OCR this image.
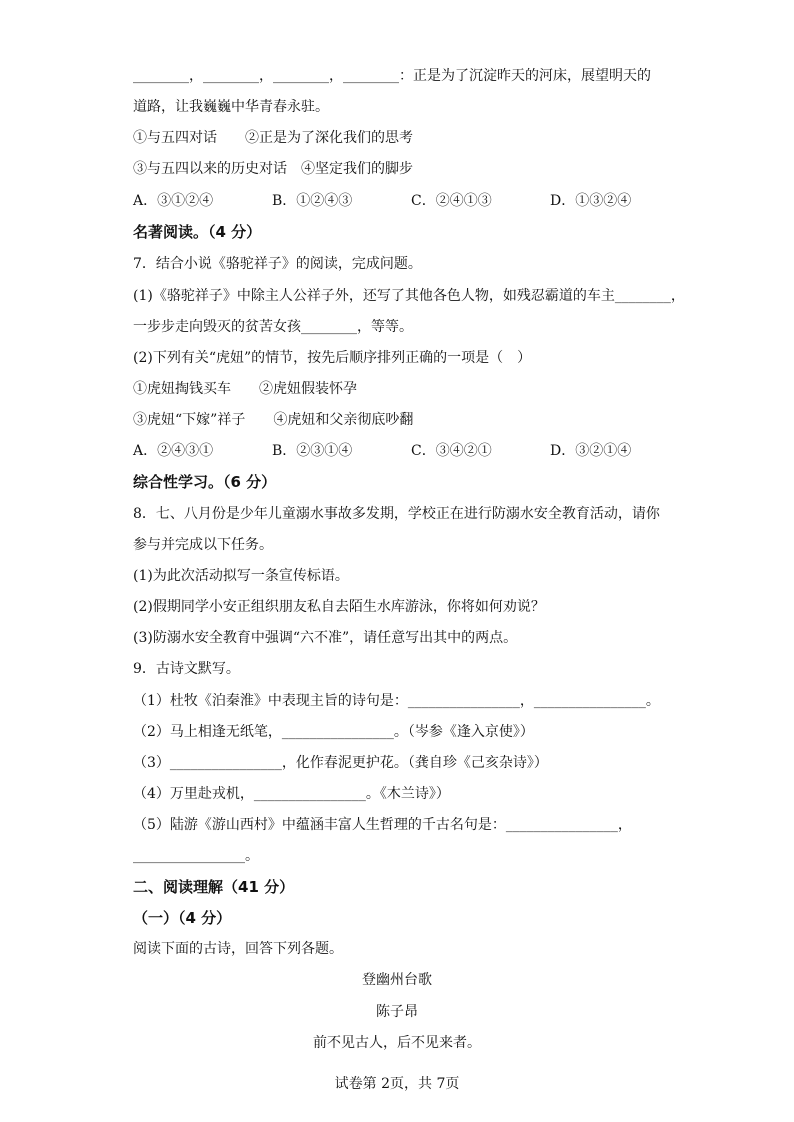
________，________，________，________：正是为了沉淀昨天的河床，展望明天的
道路，让我巍巍中华青春永驻。
①与五四对话　　②正是为了深化我们的思考
③与五四以来的历史对话　④坚定我们的脚步
A．③①②④	B．①②④③	C．②④①③	D．①③②④
名著阅读。（4 分）
7．结合小说《骆驼祥子》的阅读，完成问题。
(1)《骆驼祥子》中除主人公祥子外，还写了其他各色人物，如残忍霸道的车主________，
一步步走向毁灭的贫苦女孩________，等等。
(2)下列有关“虎妞”的情节，按先后顺序排列正确的一项是（　）
①虎妞掏钱买车　　②虎妞假装怀孕
③虎妞“下嫁”祥子　　④虎妞和父亲彻底吵翻
A．②④③①	B．②③①④	C．③④②①	D．③②①④
综合性学习。（6 分）
8．七、八月份是少年儿童溺水事故多发期，学校正在进行防溺水安全教育活动，请你
参与并完成以下任务。
(1)为此次活动拟写一条宣传标语。
(2)假期同学小安正组织朋友私自去陌生水库游泳，你将如何劝说？
(3)防溺水安全教育中强调“六不准”，请任意写出其中的两点。
9．古诗文默写。
（1）杜牧《泊秦淮》中表现主旨的诗句是：________________，________________。
（2）马上相逢无纸笔，________________。（岑参《逢入京使》）
（3）________________，化作春泥更护花。（龚自珍《己亥杂诗》）
（4）万里赴戎机，________________。《木兰诗》）
（5）陆游《游山西村》中蕴涵丰富人生哲理的千古名句是：________________，
________________。
二、阅读理解（41 分）
（一）（4 分）
阅读下面的古诗，回答下列各题。
登幽州台歌
陈子昂
前不见古人，后不见来者。
试卷第 2页，共 7页
